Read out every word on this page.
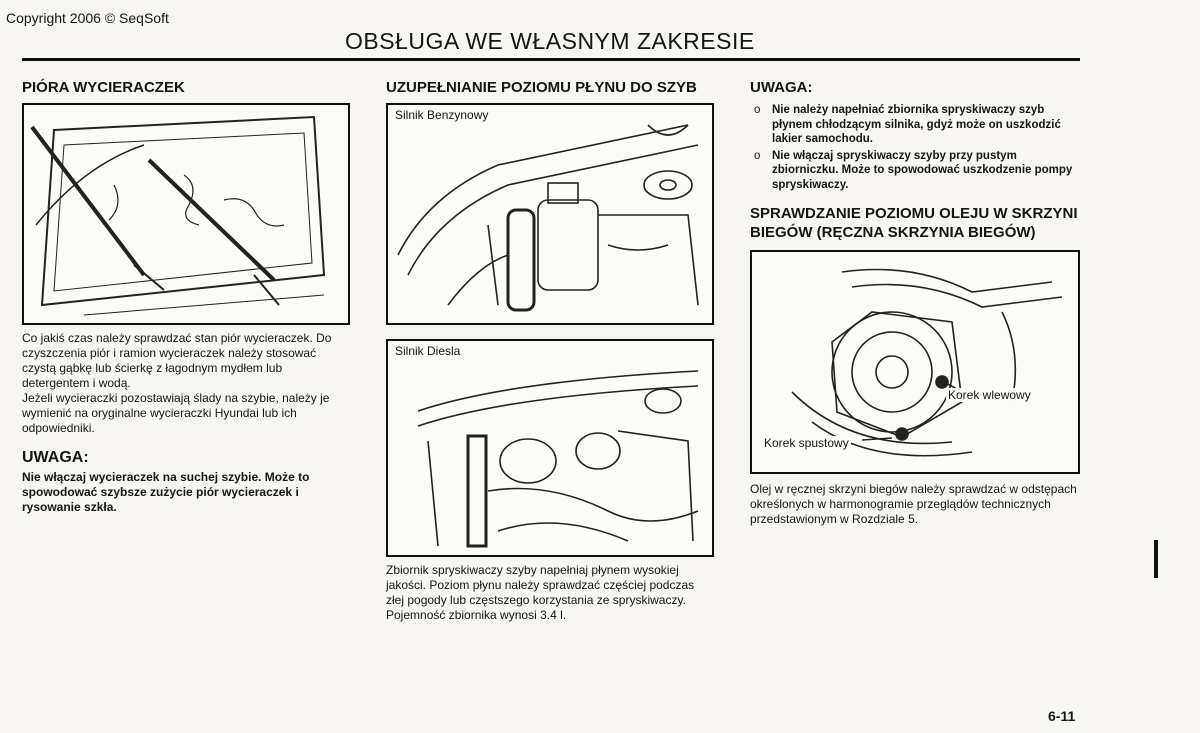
Copyright 2006 © SeqSoft
OBSŁUGA WE WŁASNYM ZAKRESIE
PIÓRA WYCIERACZEK

Co jakiś czas należy sprawdzać stan piór wycieraczek. Do czyszczenia piór i ramion wycieraczek należy stosować czystą gąbkę lub ścierkę z łagodnym mydłem lub detergentem i wodą.

Jeżeli wycieraczki pozostawiają ślady na szybie, należy je wymienić na oryginalne wycieraczki Hyundai lub ich odpowiedniki.

UWAGA:

Nie włączaj wycieraczek na suchej szybie. Może to spowodować szybsze zużycie piór wycieraczek i rysowanie szkła.

UZUPEŁNIANIE POZIOMU PŁYNU DO SZYB
Silnik Benzynowy
Silnik Diesla

Zbiornik spryskiwaczy szyby napełniaj płynem wysokiej jakości. Poziom płynu należy sprawdzać częściej podczas złej pogody lub częstszego korzystania ze spryskiwaczy.

Pojemność zbiornika wynosi 3.4 l.

UWAGA:
o Nie należy napełniać zbiornika spryskiwaczy szyb płynem chłodzącym silnika, gdyż może on uszkodzić lakier samochodu.
o Nie włączaj spryskiwaczy szyby przy pustym zbiorniczku. Może to spowodować uszkodzenie pompy spryskiwaczy.
SPRAWDZANIE POZIOMU OLEJU W SKRZYNI BIEGÓW (RĘCZNA SKRZYNIA BIEGÓW)
Korek wlewowy
Korek spustowy

Olej w ręcznej skrzyni biegów należy sprawdzać w odstępach określonych w harmonogramie przeglądów technicznych przedstawionym w Rozdziale 5.

6-11
